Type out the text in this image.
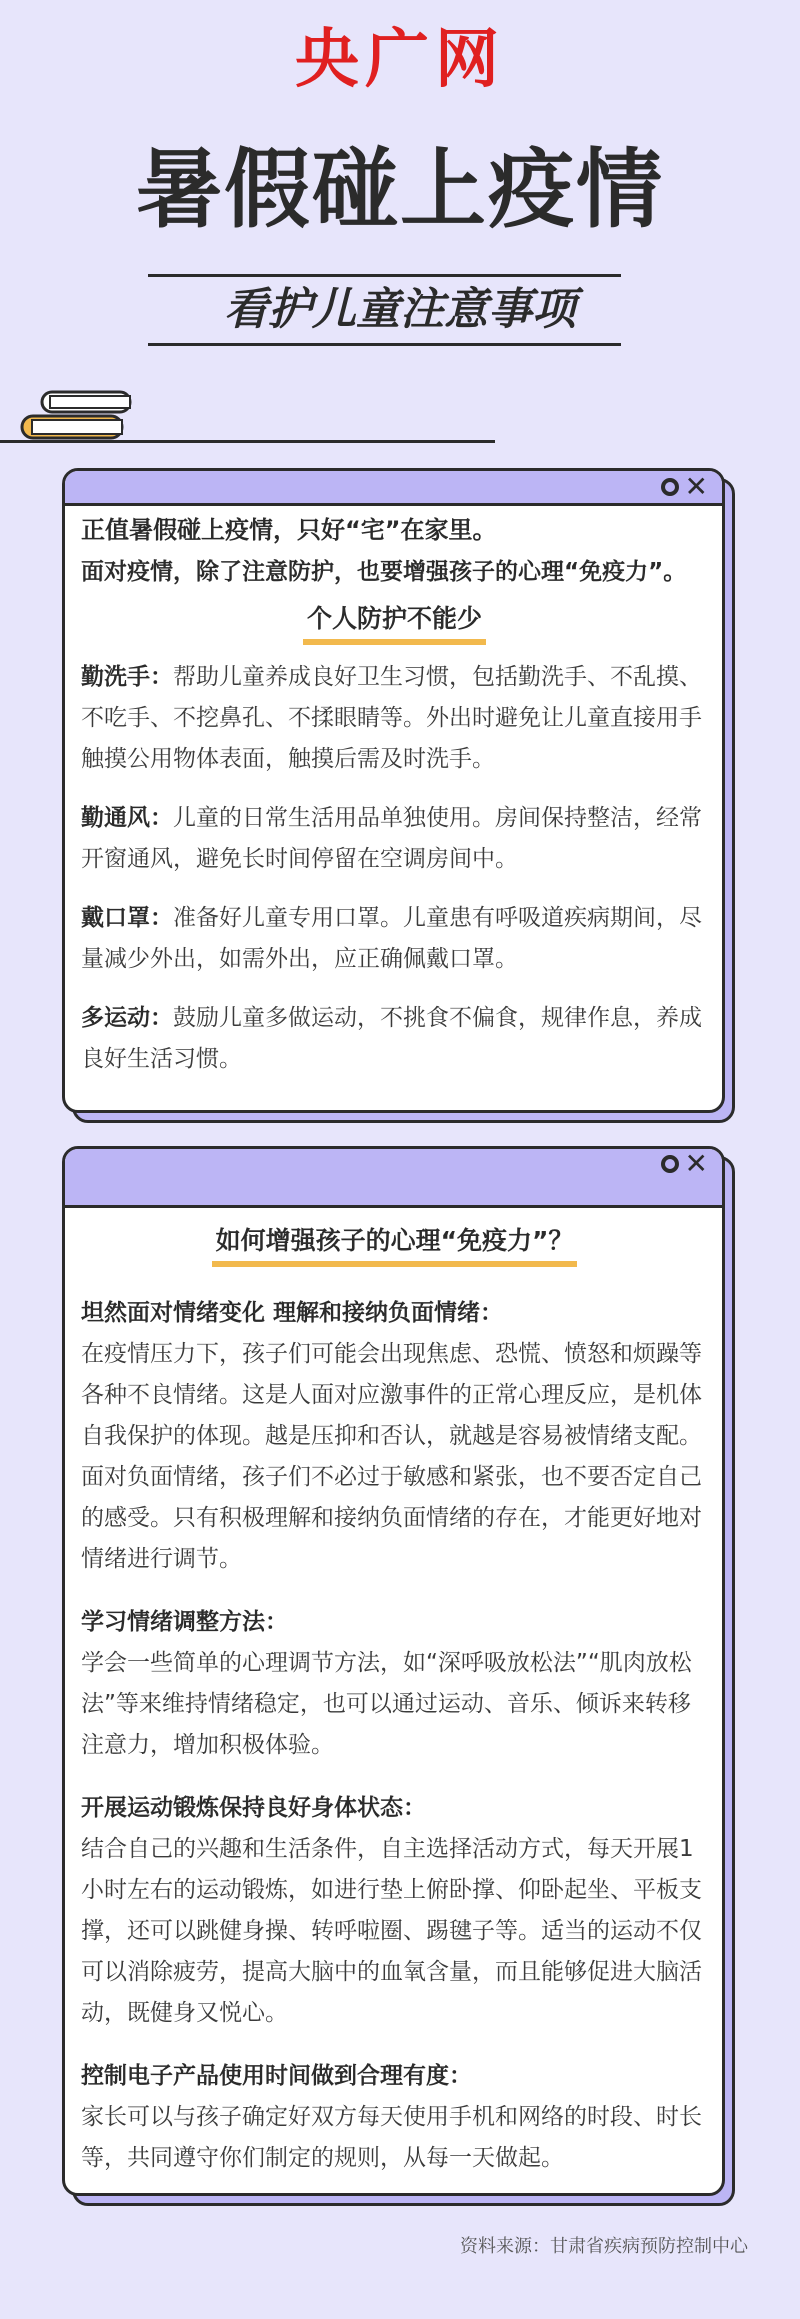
央广网
暑假碰上疫情
看护儿童注意事项
✕
正值暑假碰上疫情，只好“宅”在家里。
面对疫情，除了注意防护，也要增强孩子的心理“免疫力”。
个人防护不能少

勤洗手：帮助儿童养成良好卫生习惯，包括勤洗手、不乱摸、不吃手、不挖鼻孔、不揉眼睛等。外出时避免让儿童直接用手触摸公用物体表面，触摸后需及时洗手。

勤通风：儿童的日常生活用品单独使用。房间保持整洁，经常开窗通风，避免长时间停留在空调房间中。

戴口罩：准备好儿童专用口罩。儿童患有呼吸道疾病期间，尽量减少外出，如需外出，应正确佩戴口罩。

多运动：鼓励儿童多做运动，不挑食不偏食，规律作息，养成良好生活习惯。

✕
如何增强孩子的心理“免疫力”？
坦然面对情绪变化 理解和接纳负面情绪：

在疫情压力下，孩子们可能会出现焦虑、恐慌、愤怒和烦躁等各种不良情绪。这是人面对应激事件的正常心理反应，是机体自我保护的体现。越是压抑和否认，就越是容易被情绪支配。面对负面情绪，孩子们不必过于敏感和紧张，也不要否定自己的感受。只有积极理解和接纳负面情绪的存在，才能更好地对情绪进行调节。

学习情绪调整方法：

学会一些简单的心理调节方法，如“深呼吸放松法”“肌肉放松法”等来维持情绪稳定，也可以通过运动、音乐、倾诉来转移注意力，增加积极体验。

开展运动锻炼保持良好身体状态：

结合自己的兴趣和生活条件，自主选择活动方式，每天开展1小时左右的运动锻炼，如进行垫上俯卧撑、仰卧起坐、平板支撑，还可以跳健身操、转呼啦圈、踢毽子等。适当的运动不仅可以消除疲劳，提高大脑中的血氧含量，而且能够促进大脑活动，既健身又悦心。

控制电子产品使用时间做到合理有度：

家长可以与孩子确定好双方每天使用手机和网络的时段、时长等，共同遵守你们制定的规则，从每一天做起。

资料来源：甘肃省疾病预防控制中心
